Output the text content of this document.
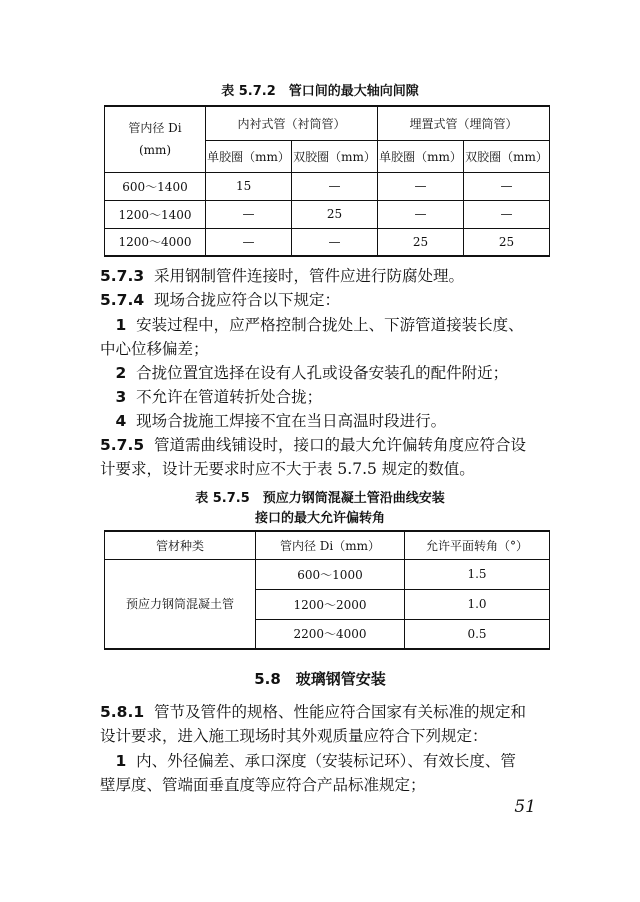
表 5.7.2　管口间的最大轴向间隙
管内径 Di
(mm)	内衬式管（衬筒管）		埋置式管（埋筒管）	
	单胶圈（mm）	双胶圈（mm）	单胶圈（mm）	双胶圈（mm）
600～1400	15	—	—	—
1200～1400	—	25	—	—
1200～4000	—	—	25	25
5.7.3 采用钢制管件连接时，管件应进行防腐处理。
5.7.4 现场合拢应符合以下规定：
 1 安装过程中，应严格控制合拢处上、下游管道接装长度、
中心位移偏差；
 2 合拢位置宜选择在设有人孔或设备安装孔的配件附近；
 3 不允许在管道转折处合拢；
 4 现场合拢施工焊接不宜在当日高温时段进行。
5.7.5 管道需曲线铺设时，接口的最大允许偏转角度应符合设
计要求，设计无要求时应不大于表 5.7.5 规定的数值。
表 5.7.5　预应力钢筒混凝土管沿曲线安装
接口的最大允许偏转角
管材种类	管内径 Di（mm）	允许平面转角（°）
预应力钢筒混凝土管	600～1000	1.5
	1200～2000	1.0
	2200～4000	0.5
5.8　玻璃钢管安装
5.8.1 管节及管件的规格、性能应符合国家有关标准的规定和
设计要求，进入施工现场时其外观质量应符合下列规定：
 1 内、外径偏差、承口深度（安装标记环）、有效长度、管
壁厚度、管端面垂直度等应符合产品标准规定；
51
